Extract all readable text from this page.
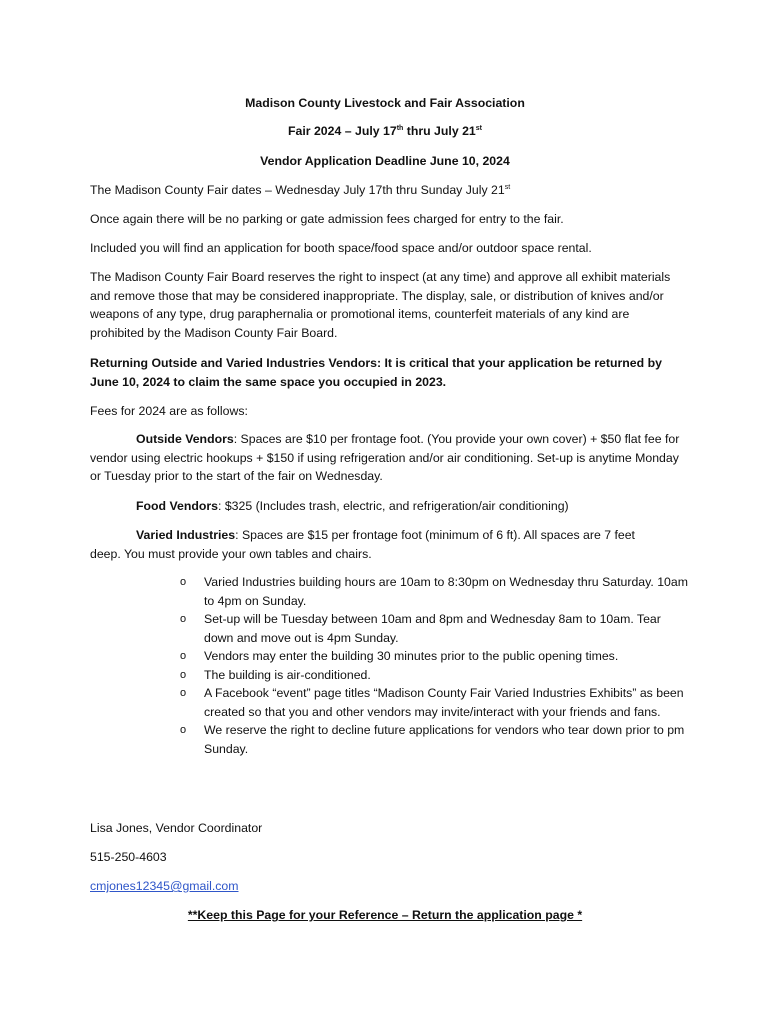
Madison County Livestock and Fair Association

Fair 2024 – July 17th thru July 21st

Vendor Application Deadline June 10, 2024

The Madison County Fair dates – Wednesday July 17th thru Sunday July 21st

Once again there will be no parking or gate admission fees charged for entry to the fair.

Included you will find an application for booth space/food space and/or outdoor space rental.

The Madison County Fair Board reserves the right to inspect (at any time) and approve all exhibit materials and remove those that may be considered inappropriate. The display, sale, or distribution of knives and/or weapons of any type, drug paraphernalia or promotional items, counterfeit materials of any kind are prohibited by the Madison County Fair Board.

Returning Outside and Varied Industries Vendors: It is critical that your application be returned by June 10, 2024 to claim the same space you occupied in 2023.

Fees for 2024 are as follows:

Outside Vendors: Spaces are $10 per frontage foot. (You provide your own cover) + $50 flat fee for vendor using electric hookups + $150 if using refrigeration and/or air conditioning. Set-up is anytime Monday or Tuesday prior to the start of the fair on Wednesday.

Food Vendors: $325 (Includes trash, electric, and refrigeration/air conditioning)

Varied Industries: Spaces are $15 per frontage foot (minimum of 6 ft). All spaces are 7 feet deep. You must provide your own tables and chairs.

o Varied Industries building hours are 10am to 8:30pm on Wednesday thru Saturday. 10am to 4pm on Sunday.
o Set-up will be Tuesday between 10am and 8pm and Wednesday 8am to 10am. Tear down and move out is 4pm Sunday.
o Vendors may enter the building 30 minutes prior to the public opening times.
o The building is air-conditioned.
o A Facebook “event” page titles “Madison County Fair Varied Industries Exhibits” as been created so that you and other vendors may invite/interact with your friends and fans.
o We reserve the right to decline future applications for vendors who tear down prior to pm Sunday.

Lisa Jones, Vendor Coordinator

515-250-4603

cmjones12345@gmail.com

**Keep this Page for your Reference – Return the application page *
